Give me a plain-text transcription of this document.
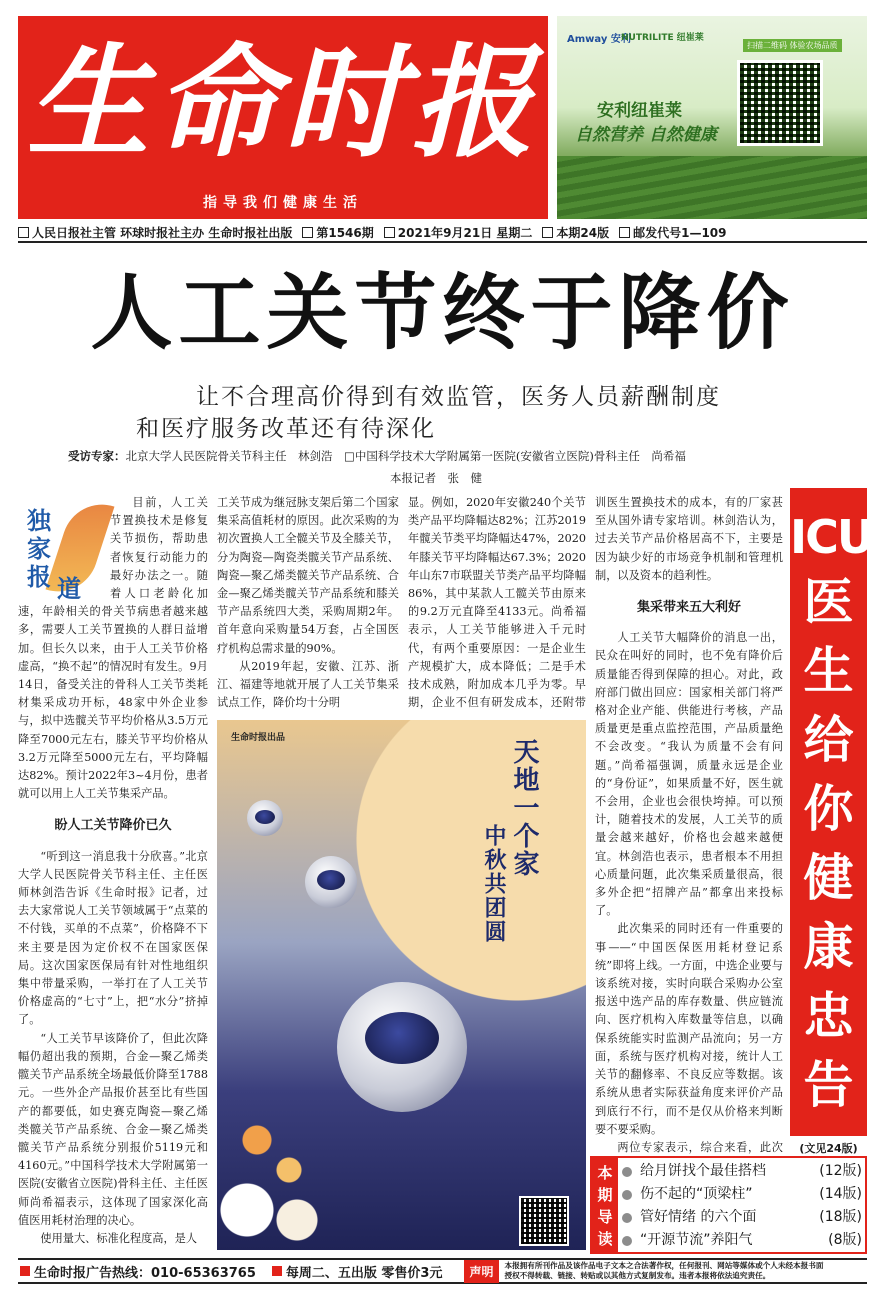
生命时报
指导我们健康生活
Amway 安利
NUTRILITE 纽崔莱
扫描二维码 体验农场品质
安利纽崔莱
自然营养 自然健康
人民日报社主管 环球时报社主办 生命时报社出版 第1546期 2021年9月21日 星期二 本期24版 邮发代号1—109
人工关节终于降价
让不合理高价得到有效监管，医务人员薪酬制度
和医疗服务改革还有待深化
受访专家：北京大学人民医院骨关节科主任　林剑浩　□中国科学技术大学附属第一医院(安徽省立医院)骨科主任　尚希福
本报记者　张　健

目前，人工关节置换技术是修复关节损伤，帮助患者恢复行动能力的最好办法之一。随着人口老龄化加速，年龄相关的骨关节病患者越来越多，需要人工关节置换的人群日益增加。但长久以来，由于人工关节价格虚高，“换不起”的情况时有发生。9月14日，备受关注的骨科人工关节类耗材集采成功开标，48家中外企业参与，拟中选髋关节平均价格从3.5万元降至7000元左右，膝关节平均价格从3.2万元降至5000元左右，平均降幅达82%。预计2022年3~4月份，患者就可以用上人工关节集采产品。

盼人工关节降价已久

“听到这一消息我十分欣喜。”北京大学人民医院骨关节科主任、主任医师林剑浩告诉《生命时报》记者，过去大家常说人工关节领域属于“点菜的不付钱，买单的不点菜”，价格降不下来主要是因为定价权不在国家医保局。这次国家医保局有针对性地组织集中带量采购，一举打在了人工关节价格虚高的“七寸”上，把“水分”挤掉了。

“人工关节早该降价了，但此次降幅仍超出我的预期，合金—聚乙烯类髋关节产品系统全场最低价降至1788元。一些外企产品报价甚至比有些国产的都要低，如史赛克陶瓷—聚乙烯类髋关节产品系统、合金—聚乙烯类髋关节产品系统分别报价5119元和4160元。”中国科学技术大学附属第一医院(安徽省立医院)骨科主任、主任医师尚希福表示，这体现了国家深化高值医用耗材治理的决心。

使用量大、标准化程度高，是人

独
家
报 道

工关节成为继冠脉支架后第二个国家集采高值耗材的原因。此次采购的为初次置换人工全髋关节及全膝关节，分为陶瓷—陶瓷类髋关节产品系统、陶瓷—聚乙烯类髋关节产品系统、合金—聚乙烯类髋关节产品系统和膝关节产品系统四大类，采购周期2年。首年意向采购量54万套，占全国医疗机构总需求量的90%。

从2019年起，安徽、江苏、浙江、福建等地就开展了人工关节集采试点工作，降价均十分明

显。例如，2020年安徽240个关节类产品平均降幅达82%；江苏2019年髋关节类平均降幅达47%，2020年膝关节平均降幅达67.3%；2020年山东7市联盟关节类产品平均降幅86%，其中某款人工髋关节由原来的9.2万元直降至4133元。尚希福表示，人工关节能够进入千元时代，有两个重要原因：一是企业生产规模扩大，成本降低；二是手术技术成熟，附加成本几乎为零。早期，企业不但有研发成本，还附带

训医生置换技术的成本，有的厂家甚至从国外请专家培训。林剑浩认为，过去关节产品价格居高不下，主要是因为缺少好的市场竞争机制和管理机制，以及资本的趋利性。

集采带来五大利好

人工关节大幅降价的消息一出，民众在叫好的同时，也不免有降价后质量能否得到保障的担心。对此，政府部门做出回应：国家相关部门将严格对企业产能、供能进行考核，产品质量更是重点监控范围，产品质量绝不会改变。“我认为质量不会有问题。”尚希福强调，质量永远是企业的“身份证”，如果质量不好，医生就不会用，企业也会很快垮掉。可以预计，随着技术的发展，人工关节的质量会越来越好，价格也会越来越便宜。林剑浩也表示，患者根本不用担心质量问题，此次集采质量很高，很多外企把“招牌产品”都拿出来投标了。

此次集采的同时还有一件重要的事——“中国医保医用耗材登记系统”即将上线。一方面，中选企业要与该系统对接，实时向联合采购办公室报送中选产品的库存数量、供应链流向、医疗机构入库数量等信息，以确保系统能实时监测产品流向；另一方面，系统与医疗机构对接，统计人工关节的翻修率、不良反应等数据。该系统从患者实际获益角度来评价产品到底行不行，而不是仅从价格来判断要不要采购。

两位专家表示，综合来看，此次

生命时报出品	天地一个家
中秋共团圆
ICU
医
生
给
你
健
康
忠
告
(文见24版)
本
期
导
读
给月饼找个最佳搭档	(12版)
伤不起的“顶梁柱”	(14版)
管好情绪 的六个面	(18版)
“开源节流”养阳气	(8版)
生命时报广告热线：010-65363765 每周二、五出版 零售价3元	声明	本报拥有所刊作品及该作品电子文本之合法著作权，任何报刊、网站等媒体或个人未经本报书面授权不得转载、链接、转贴或以其他方式复制发布。违者本报将依法追究责任。
